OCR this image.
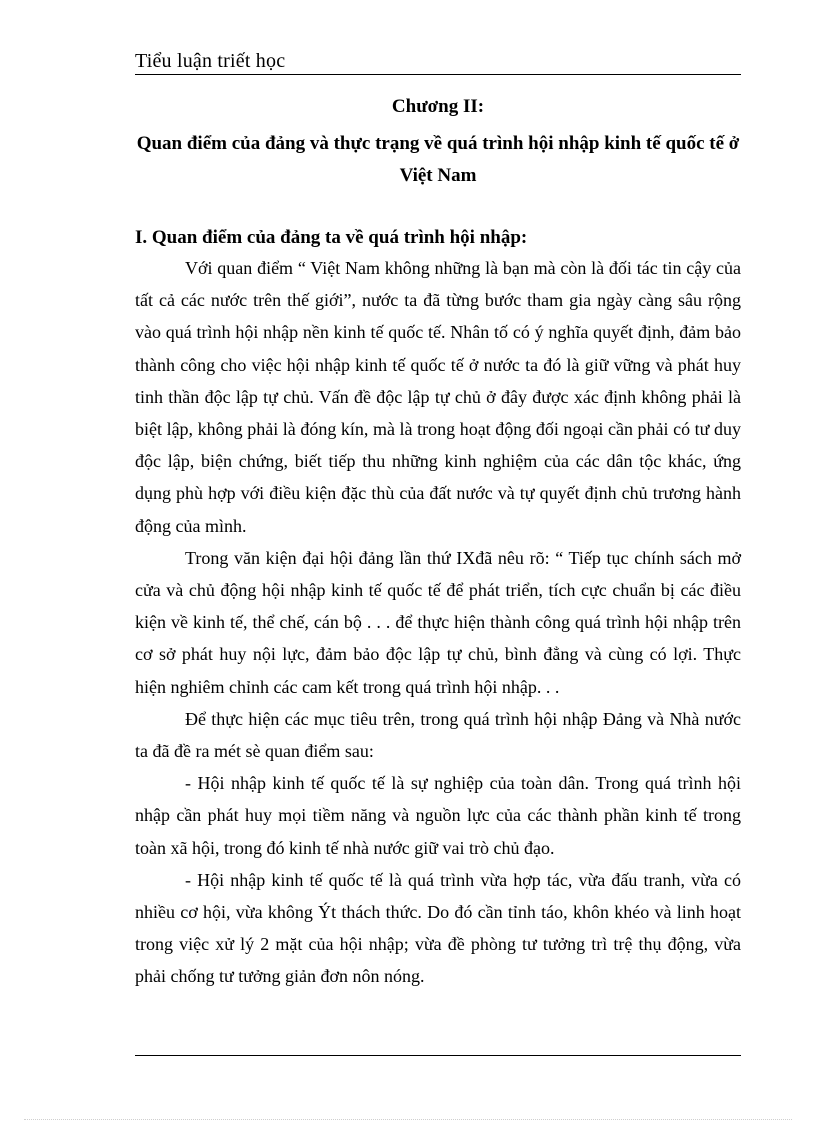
Tiểu luận triết học
Chương II:
Quan điểm của đảng và thực trạng về quá trình hội nhập kinh tế quốc tế ở Việt Nam
I. Quan điểm của đảng ta về quá trình hội nhập:

Với quan điểm “ Việt Nam không những là bạn mà còn là đối tác tin cậy của tất cả các nước trên thế giới”, nước ta đã từng bước tham gia ngày càng sâu rộng vào quá trình hội nhập nền kinh tế quốc tế. Nhân tố có ý nghĩa quyết định, đảm bảo thành công cho việc hội nhập kinh tế quốc tế ở nước ta đó là giữ vững và phát huy tinh thần độc lập tự chủ. Vấn đề độc lập tự chủ ở đây được xác định không phải là biệt lập, không phải là đóng kín, mà là trong hoạt động đối ngoại cần phải có tư duy độc lập, biện chứng, biết tiếp thu những kinh nghiệm của các dân tộc khác, ứng dụng phù hợp với điều kiện đặc thù của đất nước và tự quyết định chủ trương hành động của mình.

Trong văn kiện đại hội đảng lần thứ IXđã nêu rõ: “ Tiếp tục chính sách mở cửa và chủ động hội nhập kinh tế quốc tế để phát triển, tích cực chuẩn bị các điều kiện về kinh tế, thể chế, cán bộ . . . để thực hiện thành công quá trình hội nhập trên cơ sở phát huy nội lực, đảm bảo độc lập tự chủ, bình đẳng và cùng có lợi. Thực hiện nghiêm chỉnh các cam kết trong quá trình hội nhập. . .

Để thực hiện các mục tiêu trên, trong quá trình hội nhập Đảng và Nhà nước ta đã đề ra mét sè quan điểm sau:

- Hội nhập kinh tế quốc tế là sự nghiệp của toàn dân. Trong quá trình hội nhập cần phát huy mọi tiềm năng và nguồn lực của các thành phần kinh tế trong toàn xã hội, trong đó kinh tế nhà nước giữ vai trò chủ đạo.

- Hội nhập kinh tế quốc tế là quá trình vừa hợp tác, vừa đấu tranh, vừa có nhiều cơ hội, vừa không Ýt thách thức. Do đó cần tỉnh táo, khôn khéo và linh hoạt trong việc xử lý 2 mặt của hội nhập; vừa đề phòng tư tưởng trì trệ thụ động, vừa phải chống tư tưởng giản đơn nôn nóng.
